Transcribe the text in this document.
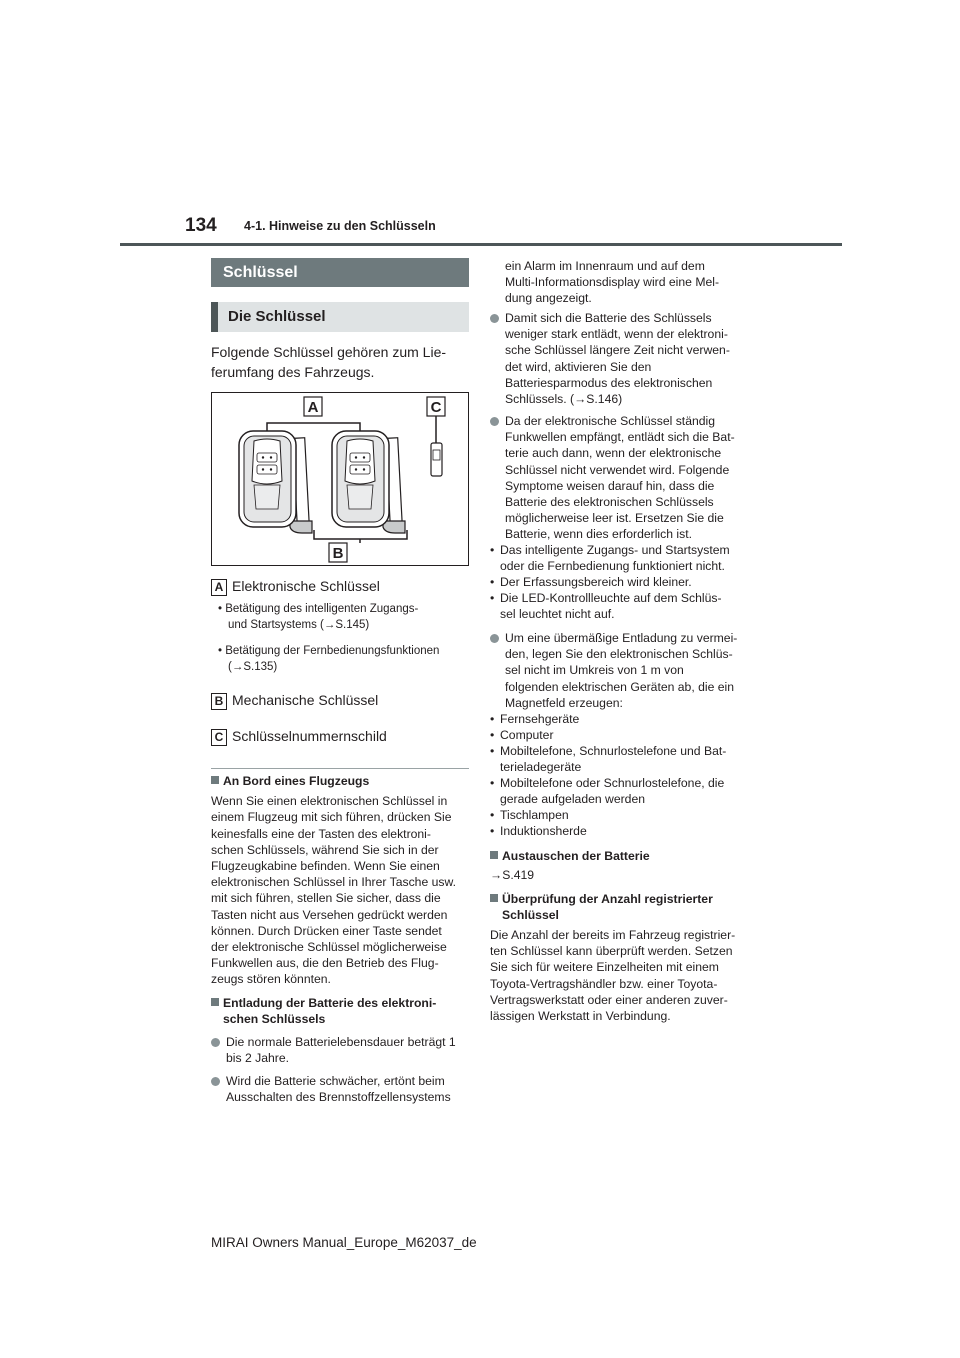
134 4-1. Hinweise zu den Schlüsseln
Schlüssel
Die Schlüssel
Folgende Schlüssel gehören zum Lie-
ferumfang des Fahrzeugs.
A	C
B
A Elektronische Schlüssel
• Betätigung des intelligenten Zugangs-
und Startsystems (→S.145)
• Betätigung der Fernbedienungsfunktionen
(→S.135)
B Mechanische Schlüssel
C Schlüsselnummernschild
An Bord eines Flugzeugs
Wenn Sie einen elektronischen Schlüssel in
einem Flugzeug mit sich führen, drücken Sie
keinesfalls eine der Tasten des elektroni-
schen Schlüssels, während Sie sich in der
Flugzeugkabine befinden. Wenn Sie einen
elektronischen Schlüssel in Ihrer Tasche usw.
mit sich führen, stellen Sie sicher, dass die
Tasten nicht aus Versehen gedrückt werden
können. Durch Drücken einer Taste sendet
der elektronische Schlüssel möglicherweise
Funkwellen aus, die den Betrieb des Flug-
zeugs stören könnten.
Entladung der Batterie des elektroni-
schen Schlüssels
Die normale Batterielebensdauer beträgt 1
bis 2 Jahre.
Wird die Batterie schwächer, ertönt beim
Ausschalten des Brennstoffzellensystems
ein Alarm im Innenraum und auf dem
Multi-Informationsdisplay wird eine Mel-
dung angezeigt.
Damit sich die Batterie des Schlüssels
weniger stark entlädt, wenn der elektroni-
sche Schlüssel längere Zeit nicht verwen-
det wird, aktivieren Sie den
Batteriesparmodus des elektronischen
Schlüssels. (→S.146)
Da der elektronische Schlüssel ständig
Funkwellen empfängt, entlädt sich die Bat-
terie auch dann, wenn der elektronische
Schlüssel nicht verwendet wird. Folgende
Symptome weisen darauf hin, dass die
Batterie des elektronischen Schlüssels
möglicherweise leer ist. Ersetzen Sie die
Batterie, wenn dies erforderlich ist.
• Das intelligente Zugangs- und Startsystem
oder die Fernbedienung funktioniert nicht.
• Der Erfassungsbereich wird kleiner.
• Die LED-Kontrollleuchte auf dem Schlüs-
sel leuchtet nicht auf.
Um eine übermäßige Entladung zu vermei-
den, legen Sie den elektronischen Schlüs-
sel nicht im Umkreis von 1 m von
folgenden elektrischen Geräten ab, die ein
Magnetfeld erzeugen:
• Fernsehgeräte
• Computer
• Mobiltelefone, Schnurlostelefone und Bat-
terieladegeräte
• Mobiltelefone oder Schnurlostelefone, die
gerade aufgeladen werden
• Tischlampen
• Induktionsherde
Austauschen der Batterie
→S.419
Überprüfung der Anzahl registrierter
Schlüssel
Die Anzahl der bereits im Fahrzeug registrier-
ten Schlüssel kann überprüft werden. Setzen
Sie sich für weitere Einzelheiten mit einem
Toyota-Vertragshändler bzw. einer Toyota-
Vertragswerkstatt oder einer anderen zuver-
lässigen Werkstatt in Verbindung.
MIRAI Owners Manual_Europe_M62037_de
